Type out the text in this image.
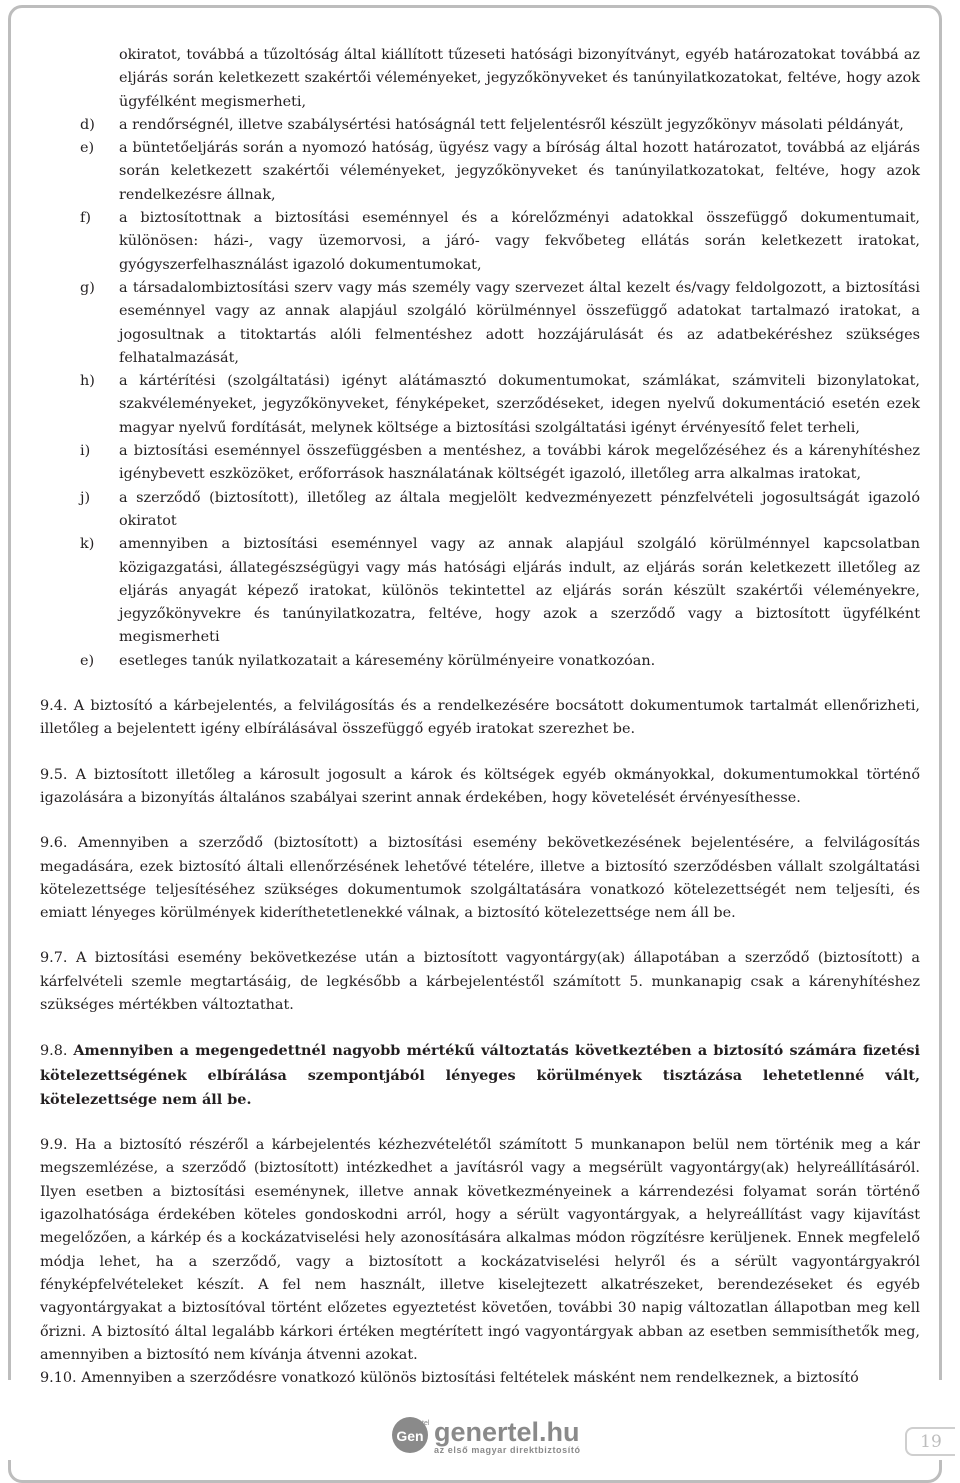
okiratot, továbbá a tűzoltóság által kiállított tűzeseti hatósági bizonyítványt, egyéb határozatokat továbbá az eljárás során keletkezett szakértői véleményeket, jegyzőkönyveket és tanúnyilatkozatokat, feltéve, hogy azok ügyfélként megismerheti,
d) a rendőrségnél, illetve szabálysértési hatóságnál tett feljelentésről készült jegyzőkönyv másolati példányát,
e) a büntetőeljárás során a nyomozó hatóság, ügyész vagy a bíróság által hozott határozatot, továbbá az eljárás során keletkezett szakértői véleményeket, jegyzőkönyveket és tanúnyilatkozatokat, feltéve, hogy azok rendelkezésre állnak,
f) a biztosítottnak a biztosítási eseménnyel és a kórelőzményi adatokkal összefüggő dokumentumait, különösen: házi-, vagy üzemorvosi, a járó- vagy fekvőbeteg ellátás során keletkezett iratokat, gyógyszerfelhasználást igazoló dokumentumokat,
g) a társadalombiztosítási szerv vagy más személy vagy szervezet által kezelt és/vagy feldolgozott, a biztosítási eseménnyel vagy az annak alapjául szolgáló körülménnyel összefüggő adatokat tartalmazó iratokat, a jogosultnak a titoktartás alóli felmentéshez adott hozzájárulását és az adatbekéréshez szükséges felhatalmazását,
h) a kártérítési (szolgáltatási) igényt alátámasztó dokumentumokat, számlákat, számviteli bizonylatokat, szakvéleményeket, jegyzőkönyveket, fényképeket, szerződéseket, idegen nyelvű dokumentáció esetén ezek magyar nyelvű fordítását, melynek költsége a biztosítási szolgáltatási igényt érvényesítő felet terheli,
i) a biztosítási eseménnyel összefüggésben a mentéshez, a további károk megelőzéséhez és a kárenyhítéshez igénybevett eszközöket, erőforrások használatának költségét igazoló, illetőleg arra alkalmas iratokat,
j) a szerződő (biztosított), illetőleg az általa megjelölt kedvezményezett pénzfelvételi jogosultságát igazoló okiratot
k) amennyiben a biztosítási eseménnyel vagy az annak alapjául szolgáló körülménnyel kapcsolatban közigazgatási, állategészségügyi vagy más hatósági eljárás indult, az eljárás során keletkezett illetőleg az eljárás anyagát képező iratokat, különös tekintettel az eljárás során készült szakértői véleményekre, jegyzőkönyvekre és tanúnyilatkozatra, feltéve, hogy azok a szerződő vagy a biztosított ügyfélként megismerheti
e) esetleges tanúk nyilatkozatait a káresemény körülményeire vonatkozóan.
9.4. A biztosító a kárbejelentés, a felvilágosítás és a rendelkezésére bocsátott dokumentumok tartalmát ellenőrizheti, illetőleg a bejelentett igény elbírálásával összefüggő egyéb iratokat szerezhet be.
9.5. A biztosított illetőleg a károsult jogosult a károk és költségek egyéb okmányokkal, dokumentumokkal történő igazolására a bizonyítás általános szabályai szerint annak érdekében, hogy követelését érvényesíthesse.
9.6. Amennyiben a szerződő (biztosított) a biztosítási esemény bekövetkezésének bejelentésére, a felvilágosítás megadására, ezek biztosító általi ellenőrzésének lehetővé tételére, illetve a biztosító szerződésben vállalt szolgáltatási kötelezettsége teljesítéséhez szükséges dokumentumok szolgáltatására vonatkozó kötelezettségét nem teljesíti, és emiatt lényeges körülmények kideríthetetlenekké válnak, a biztosító kötelezettsége nem áll be.
9.7. A biztosítási esemény bekövetkezése után a biztosított vagyontárgy(ak) állapotában a szerződő (biztosított) a kárfelvételi szemle megtartásáig, de legkésőbb a kárbejelentéstől számított 5. munkanapig csak a kárenyhítéshez szükséges mértékben változtathat.
9.8. Amennyiben a megengedettnél nagyobb mértékű változtatás következtében a biztosító számára fizetési kötelezettségének elbírálása szempontjából lényeges körülmények tisztázása lehetetlenné vált, kötelezettsége nem áll be.
9.9. Ha a biztosító részéről a kárbejelentés kézhezvételétől számított 5 munkanapon belül nem történik meg a kár megszemlézése, a szerződő (biztosított) intézkedhet a javításról vagy a megsérült vagyontárgy(ak) helyreállításáról. Ilyen esetben a biztosítási eseménynek, illetve annak következményeinek a kárrendezési folyamat során történő igazolhatósága érdekében köteles gondoskodni arról, hogy a sérült vagyontárgyak, a helyreállítást vagy kijavítást megelőzően, a kárkép és a kockázatviselési hely azonosítására alkalmas módon rögzítésre kerüljenek. Ennek megfelelő módja lehet, ha a szerződő, vagy a biztosított a kockázatviselési helyről és a sérült vagyontárgyakról fényképfelvételeket készít. A fel nem használt, illetve kiselejtezett alkatrészeket, berendezéseket és egyéb vagyontárgyakat a biztosítóval történt előzetes egyeztetést követően, további 30 napig változatlan állapotban meg kell őrizni. A biztosító által legalább kárkori értéken megtérített ingó vagyontárgyak abban az esetben semmisíthetők meg, amennyiben a biztosító nem kívánja átvenni azokat.
9.10. Amennyiben a szerződésre vonatkozó különös biztosítási feltételek másként nem rendelkeznek, a biztosító
Gen
tel genertel.hu
az első magyar direktbiztosító	19
